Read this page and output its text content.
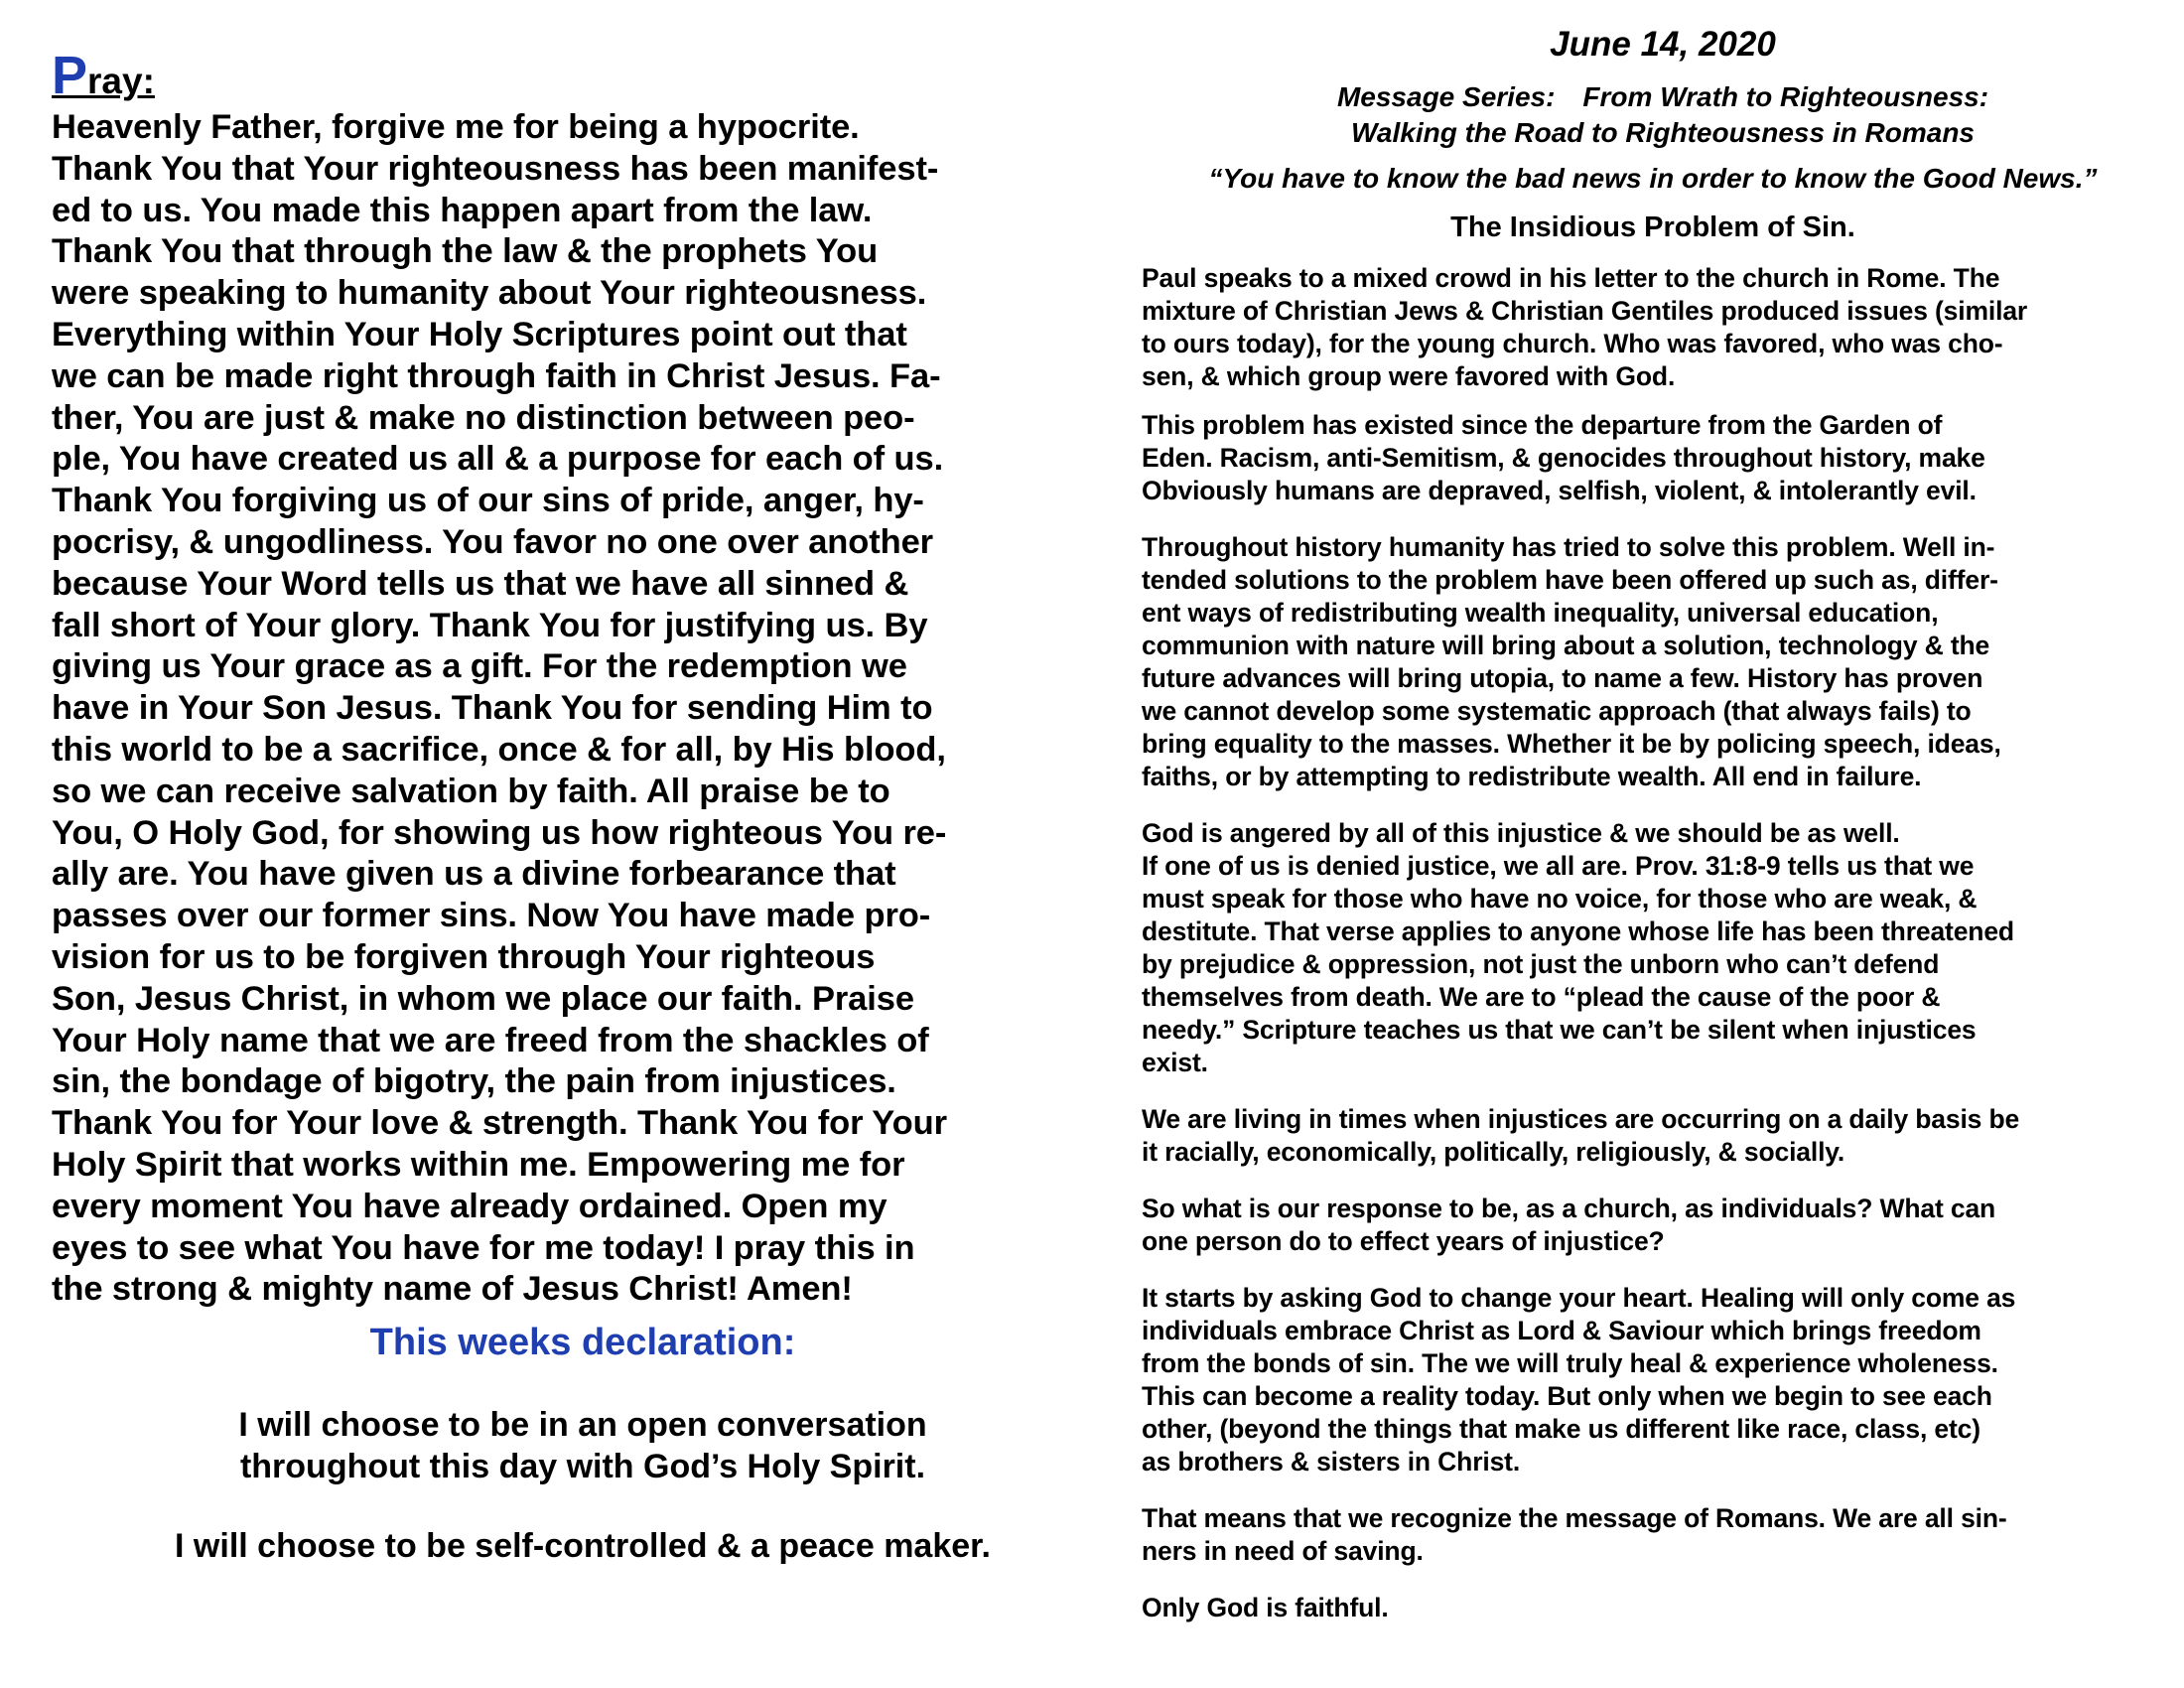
Pray:
Heavenly Father, forgive me for being a hypocrite.
Thank You that Your righteousness has been manifest-
ed to us. You made this happen apart from the law.
Thank You that through the law & the prophets You
were speaking to humanity about Your righteousness.
Everything within Your Holy Scriptures point out that
we can be made right through faith in Christ Jesus. Fa-
ther, You are just & make no distinction between peo-
ple, You have created us all & a purpose for each of us.
Thank You forgiving us of our sins of pride, anger, hy-
pocrisy, & ungodliness. You favor no one over another
because Your Word tells us that we have all sinned &
fall short of Your glory. Thank You for justifying us. By
giving us Your grace as a gift. For the redemption we
have in Your Son Jesus. Thank You for sending Him to
this world to be a sacrifice, once & for all, by His blood,
so we can receive salvation by faith. All praise be to
You, O Holy God, for showing us how righteous You re-
ally are. You have given us a divine forbearance that
passes over our former sins. Now You have made pro-
vision for us to be forgiven through Your righteous
Son, Jesus Christ, in whom we place our faith. Praise
Your Holy name that we are freed from the shackles of
sin, the bondage of bigotry, the pain from injustices.
Thank You for Your love & strength. Thank You for Your
Holy Spirit that works within me. Empowering me for
every moment You have already ordained. Open my
eyes to see what You have for me today! I pray this in
the strong & mighty name of Jesus Christ! Amen!
This weeks declaration:
I will choose to be in an open conversation
throughout this day with God’s Holy Spirit.
I will choose to be self-controlled & a peace maker.
June 14, 2020
Message Series: From Wrath to Righteousness:
Walking the Road to Righteousness in Romans
“You have to know the bad news in order to know the Good News.”
The Insidious Problem of Sin.
Paul speaks to a mixed crowd in his letter to the church in Rome. The
mixture of Christian Jews & Christian Gentiles produced issues (similar
to ours today), for the young church. Who was favored, who was cho-
sen, & which group were favored with God.
This problem has existed since the departure from the Garden of
Eden. Racism, anti-Semitism, & genocides throughout history, make
Obviously humans are depraved, selfish, violent, & intolerantly evil.
Throughout history humanity has tried to solve this problem. Well in-
tended solutions to the problem have been offered up such as, differ-
ent ways of redistributing wealth inequality, universal education,
communion with nature will bring about a solution, technology & the
future advances will bring utopia, to name a few. History has proven
we cannot develop some systematic approach (that always fails) to
bring equality to the masses. Whether it be by policing speech, ideas,
faiths, or by attempting to redistribute wealth. All end in failure.
God is angered by all of this injustice & we should be as well.
If one of us is denied justice, we all are. Prov. 31:8-9 tells us that we
must speak for those who have no voice, for those who are weak, &
destitute. That verse applies to anyone whose life has been threatened
by prejudice & oppression, not just the unborn who can’t defend
themselves from death. We are to “plead the cause of the poor &
needy.” Scripture teaches us that we can’t be silent when injustices
exist.
We are living in times when injustices are occurring on a daily basis be
it racially, economically, politically, religiously, & socially.
So what is our response to be, as a church, as individuals? What can
one person do to effect years of injustice?
It starts by asking God to change your heart. Healing will only come as
individuals embrace Christ as Lord & Saviour which brings freedom
from the bonds of sin. The we will truly heal & experience wholeness.
This can become a reality today. But only when we begin to see each
other, (beyond the things that make us different like race, class, etc)
as brothers & sisters in Christ.
That means that we recognize the message of Romans. We are all sin-
ners in need of saving.
Only God is faithful.
